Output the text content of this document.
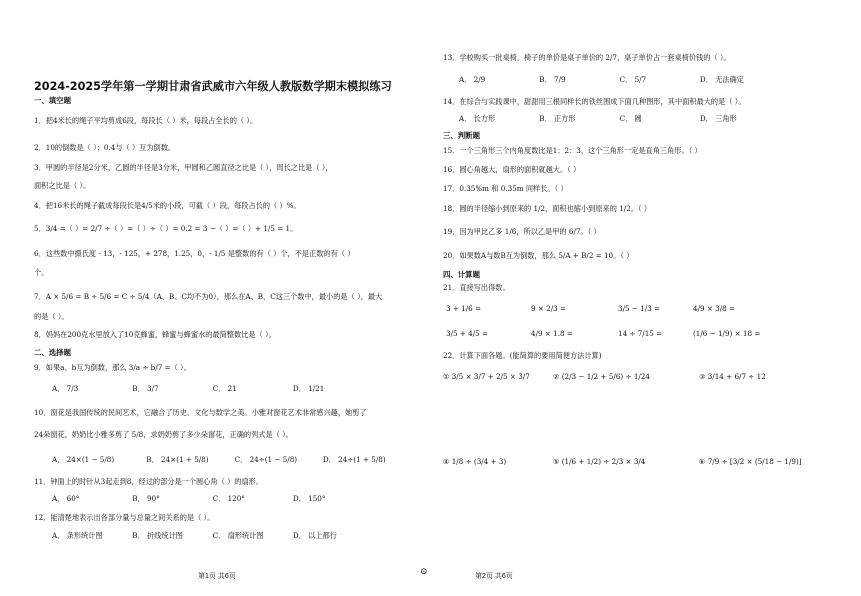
2024-2025学年第一学期甘肃省武威市六年级人教版数学期末模拟练习
一、填空题
1．把4米长的绳子平均剪成6段，每段长（ ）米，每段占全长的（ ）。
2．10的倒数是（ ）；0.4与（ ）互为倒数。
3．甲圆的半径是2分米，乙圆的半径是3分米，甲圆和乙圆直径之比是（ ），周长之比是（ ），
面积之比是（ ）。
4．把16米长的绳子截成每段长是4/5米的小段，可截（ ）段，每段占长的（ ）%。
5．3/4 =（ ）= 2/7 ÷（ ）=（ ）÷（ ）= 0.2 = 3 −（ ）=（ ）+ 1/5 = 1。
6．这些数中摄氏度 - 13，- 125，+ 278，1.25，0，- 1/5 是整数的有（ ）个，不是正数的有（ ）
个。
7．A × 5/6 = B ÷ 5/6 = C ÷ 5/4（A、B、C均不为0），那么在A、B、C这三个数中，最小的是（ ），最大
的是（ ）。
8．妈妈在200克水里放入了10克蜂蜜，蜂蜜与蜂蜜水的最简整数比是（ ）。
二、选择题
9．如果a、b互为倒数，那么 3/a ÷ b/7 =（ ）。
A． 7/3	B． 3/7	C． 21	D． 1/21
10．窗花是我国传统的民间艺术，它融合了历史、文化与数学之美。小雅对窗花艺术非常感兴趣，她剪了
24朵窗花，奶奶比小雅多剪了 5/8，求奶奶剪了多少朵窗花，正确的列式是（ ）。
A． 24×(1 − 5/8)	B． 24×(1 + 5/8)	C． 24÷(1 − 5/8)	D． 24÷(1 + 5/8)
11．钟面上的时针从3起走到8，经过的部分是一个圆心角（ ）的扇形。
A． 60°	B． 90°	C． 120°	D． 150°
12．能清楚地表示出各部分量与总量之间关系的是（ ）。
A． 条形统计图	B． 折线统计图	C． 扇形统计图	D． 以上都行
第1页 共6页	⊙
13．学校购买一批桌椅，椅子的单价是桌子单价的 2/7，桌子单价占一套桌椅价钱的（ ）。
A． 2/9	B． 7/9	C． 5/7	D． 无法确定
14．在综合与实践课中，甜甜用三根同样长的铁丝围成下面几种图形，其中面积最大的是（ ）。
A． 长方形	B． 正方形	C． 圆	D． 三角形
三、判断题
15．一个三角形三个内角度数比是1：2：3，这个三角形一定是直角三角形。（ ）
16．圆心角越大，扇形的面积就越大。（ ）
17．0.35%m 和 0.35m 同样长。（ ）
18．圆的半径缩小到原来的 1/2，面积也缩小到原来的 1/2。（ ）
19．因为甲比乙多 1/6，所以乙是甲的 6/7。（ ）
20．如果数A与数B互为倒数，那么 5/A + B/2 = 10。（ ）
四、计算题
21．直接写出得数。
3 + 1/6 =	9 × 2/3 =	3/5 − 1/3 =	4/9 × 3/8 =
3/5 + 4/5 =	4/9 × 1.8 =	14 ÷ 7/15 =	(1/6 − 1/9) × 18 =
22．计算下面各题。(能简算的要用简便方法计算)
① 3/5 × 3/7 + 2/5 × 3/7	② (2/3 − 1/2 + 5/6) ÷ 1/24	③ 3/14 + 6/7 ÷ 12
④ 1/8 ÷ (3/4 + 3)	⑤ (1/6 + 1/2) ÷ 2/3 × 3/4	⑥ 7/9 ÷ [3/2 × (5/18 − 1/9)]
第2页 共6页
